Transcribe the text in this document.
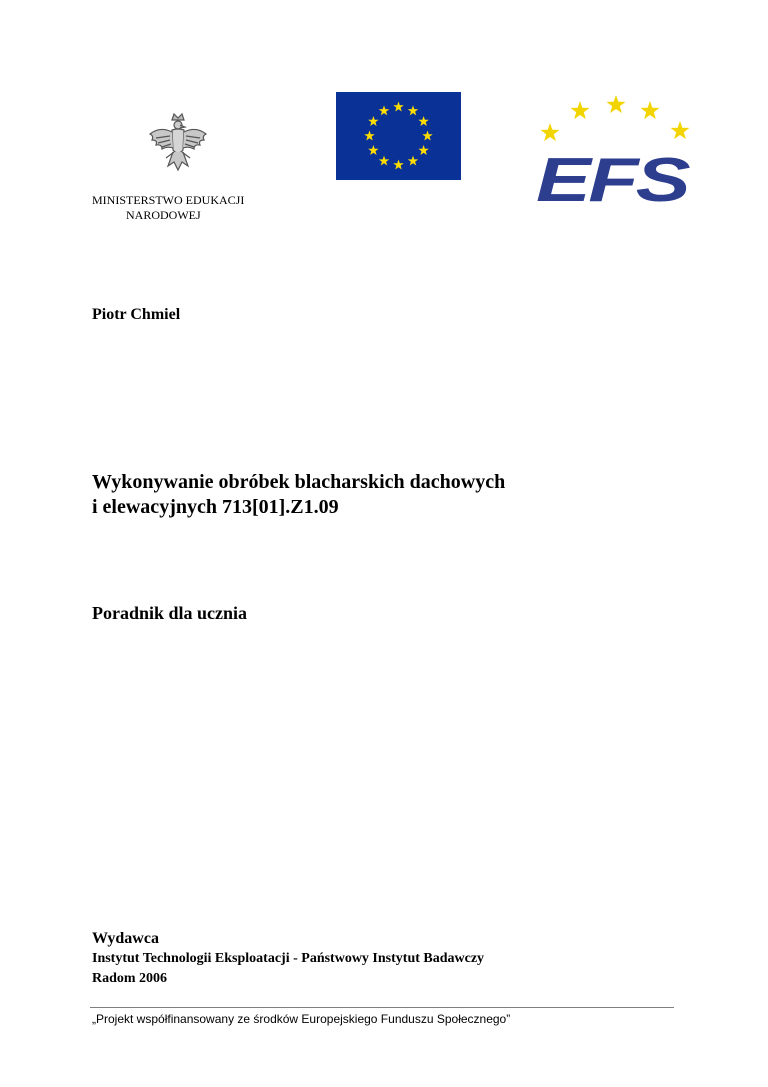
MINISTERSTWO EDUKACJI
NARODOWEJ	EFS
Piotr Chmiel
Wykonywanie obróbek blacharskich dachowych
i elewacyjnych 713[01].Z1.09
Poradnik dla ucznia
Wydawca
Instytut Technologii Eksploatacji - Państwowy Instytut Badawczy
Radom 2006
„Projekt współfinansowany ze środków Europejskiego Funduszu Społecznego”
